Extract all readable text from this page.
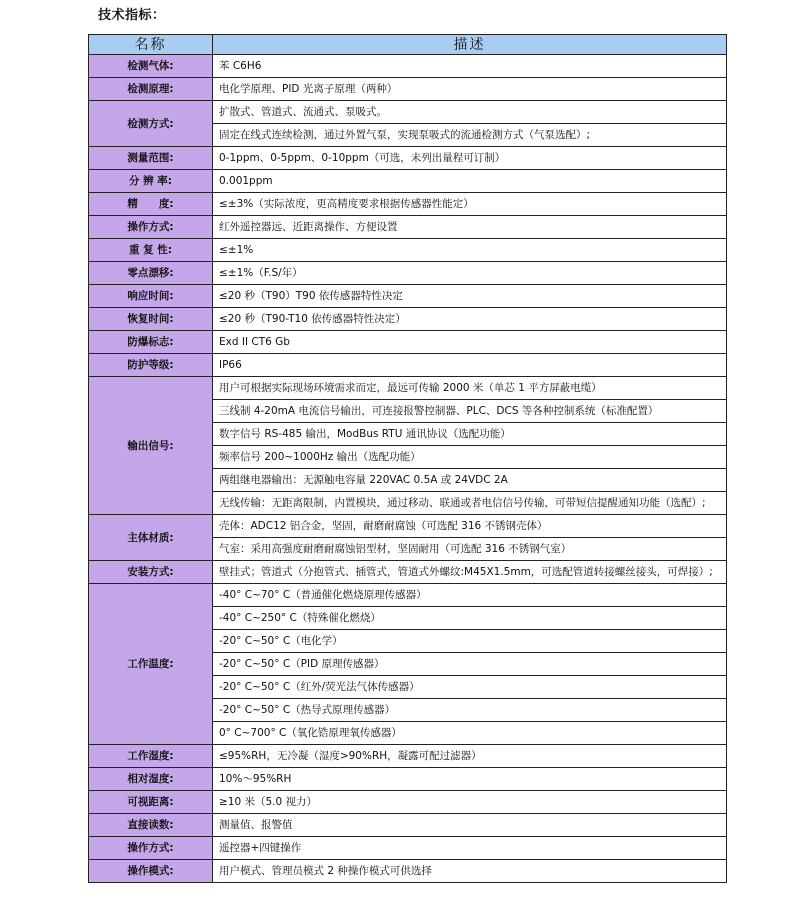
技术指标：
名称	描述
检测气体:	苯 C6H6
检测原理:	电化学原理、PID 光离子原理（两种）
检测方式:	扩散式、管道式、流通式、泵吸式。
	固定在线式连续检测，通过外置气泵，实现泵吸式的流通检测方式（气泵选配）;
测量范围:	0-1ppm、0-5ppm、0-10ppm（可选，未列出量程可订制）
分 辨 率:	0.001ppm
精　　度:	≤±3%（实际浓度，更高精度要求根据传感器性能定）
操作方式:	红外遥控器远、近距离操作、方便设置
重 复 性:	≤±1%
零点漂移:	≤±1%（F.S/年）
响应时间:	≤20 秒（T90）T90 依传感器特性决定
恢复时间:	≤20 秒（T90-T10 依传感器特性决定）
防爆标志:	Exd II CT6 Gb
防护等级:	IP66
输出信号:	用户可根据实际现场环境需求而定，最远可传输 2000 米（单芯 1 平方屏蔽电缆）
	三线制 4-20mA 电流信号输出，可连接报警控制器、PLC、DCS 等各种控制系统（标准配置）
	数字信号 RS-485 输出，ModBus RTU 通讯协议（选配功能）
	频率信号 200~1000Hz 输出（选配功能）
	两组继电器输出：无源触电容量 220VAC 0.5A 或 24VDC 2A
	无线传输：无距离限制，内置模块，通过移动、联通或者电信信号传输，可带短信提醒通知功能（选配）;
主体材质:	壳体：ADC12 铝合金，坚固，耐磨耐腐蚀（可选配 316 不锈钢壳体）
	气室：采用高强度耐磨耐腐蚀铝型材，坚固耐用（可选配 316 不锈钢气室）
安装方式:	壁挂式；管道式（分抱管式、插管式，管道式外螺纹:M45X1.5mm，可选配管道转接螺丝接头，可焊接）;
工作温度:	-40° C~70° C（普通催化燃烧原理传感器）
	-40° C~250° C（特殊催化燃烧）
	-20° C~50° C（电化学）
	-20° C~50° C（PID 原理传感器）
	-20° C~50° C（红外/荧光法气体传感器）
	-20° C~50° C（热导式原理传感器）
	0° C~700° C（氧化锆原理氧传感器）
工作湿度:	≤95%RH，无冷凝（湿度>90%RH，凝露可配过滤器）
相对湿度:	10%～95%RH
可视距离:	≥10 米（5.0 视力）
直接读数:	测量值、报警值
操作方式:	遥控器+四键操作
操作模式:	用户模式、管理员模式 2 种操作模式可供选择
